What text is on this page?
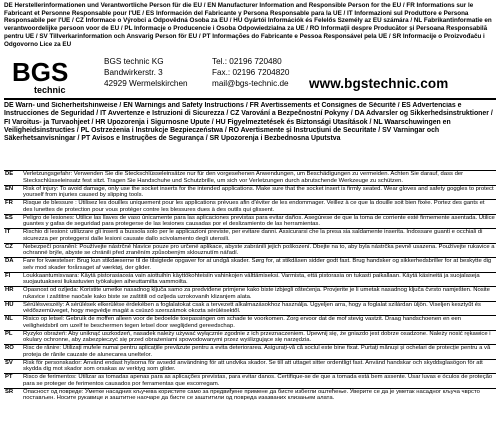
DE Herstellerinformationen und Verantwortliche Person für die EU / EN Manufacturer Information and Responsible Person for the EU / FR Informations sur le Fabricant et Personne Responsable pour l'UE / ES Información del Fabricante y Persona Responsable para la UE / IT Informazioni sul Produttore e Persona Responsabile per l'UE / CZ Informace o Výrobci a Odpovědná Osoba za EU / HU Gyártói Információk és Felelős Személy az EU számára / NL Fabrikantinformatie en verantwoordelijke persoon voor de EU / PL Informacje o Producencie i Osoba Odpowiedzialna za UE / RO Informații despre Producător și Persoana Responsabilă pentru UE / SV Tillverkarinformation och Ansvarig Person för EU / PT Informações do Fabricante e Pessoa Responsável pela UE / SR Informacije o Proizvođaču i Odgovorno Lice za EU
BGS
technic
BGS technic KG
Bandwirkerstr. 3
42929 Wermelskirchen
Tel.: 02196 720480
Fax.: 02196 7204820
mail@bgs-technic.de www.bgstechnic.com
DE Warn- und Sicherheitshinweise / EN Warnings and Safety Instructions / FR Avertissements et Consignes de Sécurité / ES Advertencias e Instrucciones de Seguridad / IT Avvertenze e Istruzioni di Sicurezza / CZ Varování a Bezpečnostní Pokyny / DA Advarsler og Sikkerhedsinstruktioner / FI Varoitus- ja Turvaohjeet / HR Upozorenja i Sigurnosne Upute / HU Figyelmeztetések és Biztonsági Utasítások / NL Waarschuwingen en Veiligheidsinstructies / PL Ostrzeżenia i Instrukcje Bezpieczeństwa / RO Avertismente și Instrucțiuni de Securitate / SV Varningar och Säkerhetsanvisningar / PT Avisos e Instruções de Segurança / SR Upozorenja i Bezbednosna Uputstva
DE	Verletzungsgefahr: Verwenden Sie die Steckschlüsseleinsätze nur für den vorgesehenen Anwendungen, um Beschädigungen zu vermeiden. Achten Sie darauf, dass der Steckschlüsseleinsatz fest sitzt. Tragen Sie Handschuhe und Schutzbrille, um sich vor Verletzungen durch abrutschende Werkzeuge zu schützen.
EN	Risk of injury: To avoid damage, only use the socket inserts for the intended applications. Make sure that the socket insert is firmly seated. Wear gloves and safety goggles to protect yourself from injuries caused by slipping tools.
FR	Risque de blessure : Utilisez les douilles uniquement pour les applications prévues afin d'éviter de les endommager. Veillez à ce que la douille soit bien fixée. Portez des gants et des lunettes de protection pour vous protéger contre les blessures dues à des outils qui glissent.
ES	Peligro de lesiones: Utilice las llaves de vaso únicamente para las aplicaciones previstas para evitar daños. Asegúrese de que la toma de corriente esté firmemente asentada. Utilice guantes y gafas de seguridad para protegerse de las lesiones causadas por el deslizamiento de las herramientas.
IT	Rischio di lesioni: utilizzare gli inserti a bussola solo per le applicazioni previste, per evitare danni. Assicurarsi che la presa sia saldamente inserita. Indossare guanti e occhiali di sicurezza per proteggersi dalle lesioni causate dallo scivolamento degli utensili.
CZ	Nebezpečí poranění: Používejte nástrčné hlavice pouze pro určené aplikace, abyste zabránili jejich poškození. Dbejte na to, aby byla nástrčka pevně usazena. Používejte rukavice a ochranné brýle, abyste se chránili před zraněním způsobeným sklouznutím nářadí.
DA	Fare for kvæstelser: Brug kun stikdæserne til de tilsigtede opgaver for at undgå skader. Sørg for, at stikdåsen sidder godt fast. Brug handsker og sikkerhedsbriller for at beskytte dig selv mod skader forårsaget af værktøj, der glider.
FI	Loukkaantumisvaara: Käytä pistorasiaosia vain aiottuihin käyttökohteisiin vahinkojen välttämiseksi. Varmista, että pistorasia on tukasti paikallaan. Käytä käsineitä ja suojalaseja suojautuaksesi liukastuvien työkalujen aiheuttamilta vammoilta.
HR	Opasnost od ozljeda: Koristite umetke nasadnog ključa samo za predviđene primjene kako biste izbjegli oštećenja. Provjerite je li umetak nasadnog ključa čvrsto namješten. Nosite rukavice i zaštitne naočale kako biste se zaštitili od ozljeda uzrokovanih klizanjem alata.
HU	Sérülésveszély: A sérülések elkerülése érdekében a foglalatokat csak a tervezett alkalmazásokhoz használja. Ügyeljen arra, hogy a foglalat szilárdan üljön. Viseljen kesztyűt és védőszemüveget, hogy megvédje magát a csúszó szerszámok okozta sérülésektől.
NL	Risico op letsel: Gebruik de moffen alleen voor de bedoelde toepassingen om schade te voorkomen. Zorg ervoor dat de mof stevig vastzit. Draag handschoenen en een veiligheidsbril om uzelf te beschermen tegen letsel door weglijdend gereedschap.
PL	Ryzyko obrażeń: Aby uniknąć uszkodzeń, nasadek należy używać wyłącznie zgodnie z ich przeznaczeniem. Upewnij się, że gniazdo jest dobrze osadzone. Należy nosić rękawice i okulary ochronne, aby zabezpieczyć się przed obrażeniami spowodowanymi przez wyślizgujące się narzędzia.
RO	Risc de rănire: Utilizați mufele numai pentru aplicațiile prevăzute pentru a evita deteriorarea. Asigurați-vă că soclul este bine fixat. Purtați mănuși și ochelari de protecție pentru a vă proteja de rănile cauzate de alunecarea uneltelor.
SV	Risk för personskador: Använd endast hylsorna för avsedd användning för att undvika skador. Se till att uttaget sitter ordentligt fast. Använd handskar och skyddsglasögon för att skydda dig mot skador som orsakas av verktyg som glider.
PT	Risco de ferimentos: Utilizar as tomadas apenas para as aplicações previstas, para evitar danos. Certifique-se de que a tomada está bem assente. Usar luvas e óculos de proteção para se proteger de ferimentos causados por ferramentas que escorregam.
SR	Опасност од повреде: Уметке насадних кључева користите само за предвиђене примене да бисте избегли оштећење. Уверите се да је уметак насадног кључа чврсто постављен. Носите рукавице и заштитне наочаре да бисте се заштитили од повреда изазваних клизањем алата.
